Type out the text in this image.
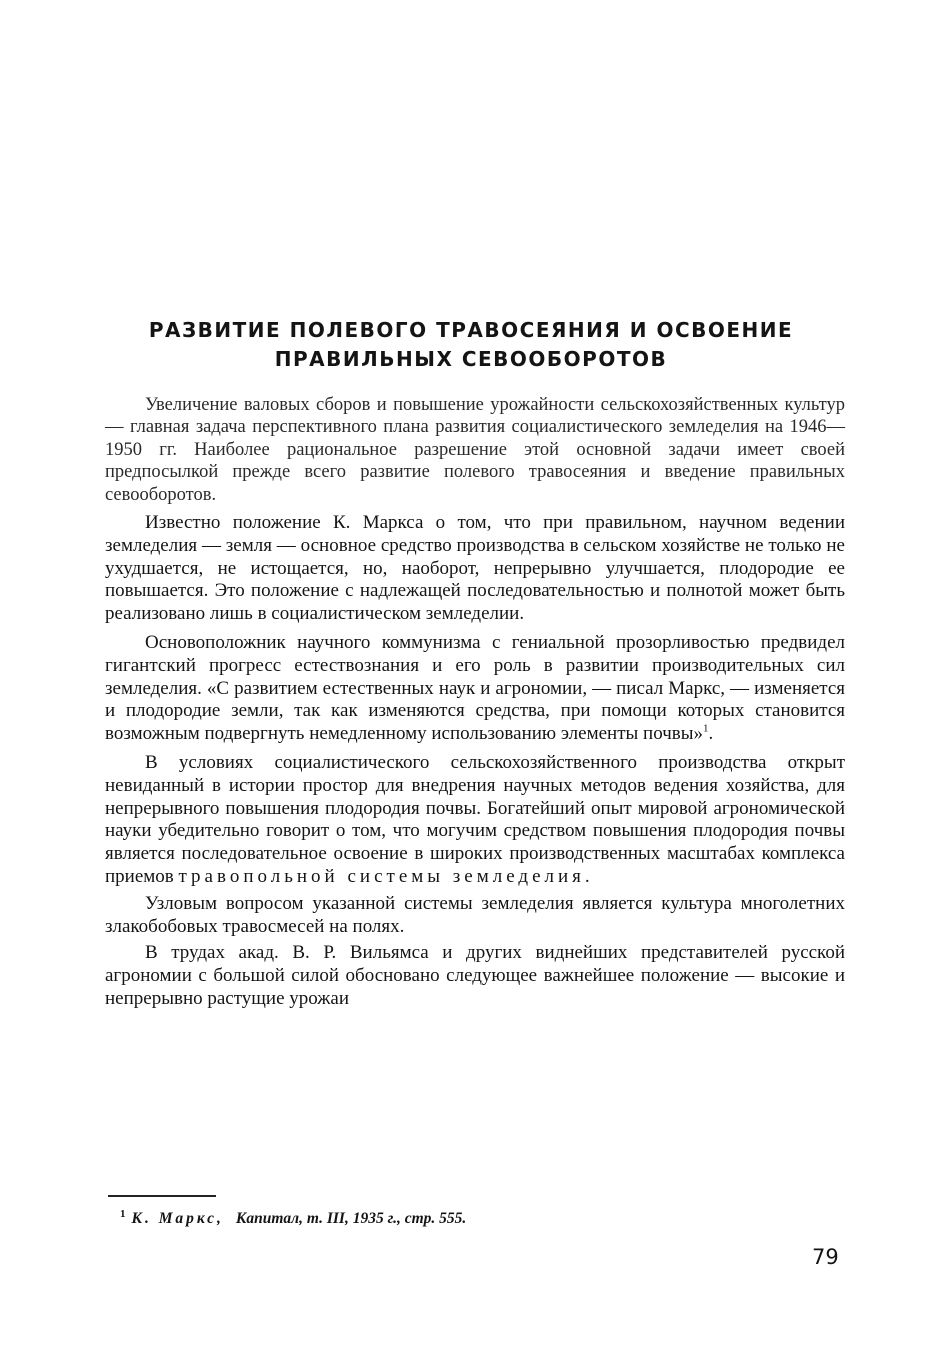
РАЗВИТИЕ ПОЛЕВОГО ТРАВОСЕЯНИЯ И ОСВОЕНИЕ
ПРАВИЛЬНЫХ СЕВООБОРОТОВ

Увеличение валовых сборов и повышение урожайности сельскохозяйственных культур — главная задача перспективного плана развития социалистического земледелия на 1946—1950 гг. Наиболее рациональное разрешение этой основной задачи имеет своей предпосылкой прежде всего развитие полевого травосеяния и введение правильных севооборотов.

Известно положение К. Маркса о том, что при правильном, научном ведении земледелия — земля — основное средство производства в сельском хозяйстве не только не ухудшается, не истощается, но, наоборот, непрерывно улучшается, плодородие ее повышается. Это положение с надлежащей последовательностью и полнотой может быть реализовано лишь в социалистическом земледелии.

Основоположник научного коммунизма с гениальной прозорливостью предвидел гигантский прогресс естествознания и его роль в развитии производительных сил земледелия. «С развитием естественных наук и агрономии, — писал Маркс, — изменяется и плодородие земли, так как изменяются средства, при помощи которых становится возможным подвергнуть немедленному использованию элементы почвы»$^1$.

В условиях социалистического сельскохозяйственного производства открыт невиданный в истории простор для внедрения научных методов ведения хозяйства, для непрерывного повышения плодородия почвы. Богатейший опыт мировой агрономической науки убедительно говорит о том, что могучим средством повышения плодородия почвы является последовательное освоение в широких производственных масштабах комплекса приемов травопольной системы земледелия.

Узловым вопросом указанной системы земледелия является культура многолетних злакобобовых травосмесей на полях.

В трудах акад. В. Р. Вильямса и других виднейших представителей русской агрономии с большой силой обосновано следующее важнейшее положение — высокие и непрерывно растущие урожаи

$^1$ К. Маркс, Капитал, т. III, 1935 г., стр. 555.

79
